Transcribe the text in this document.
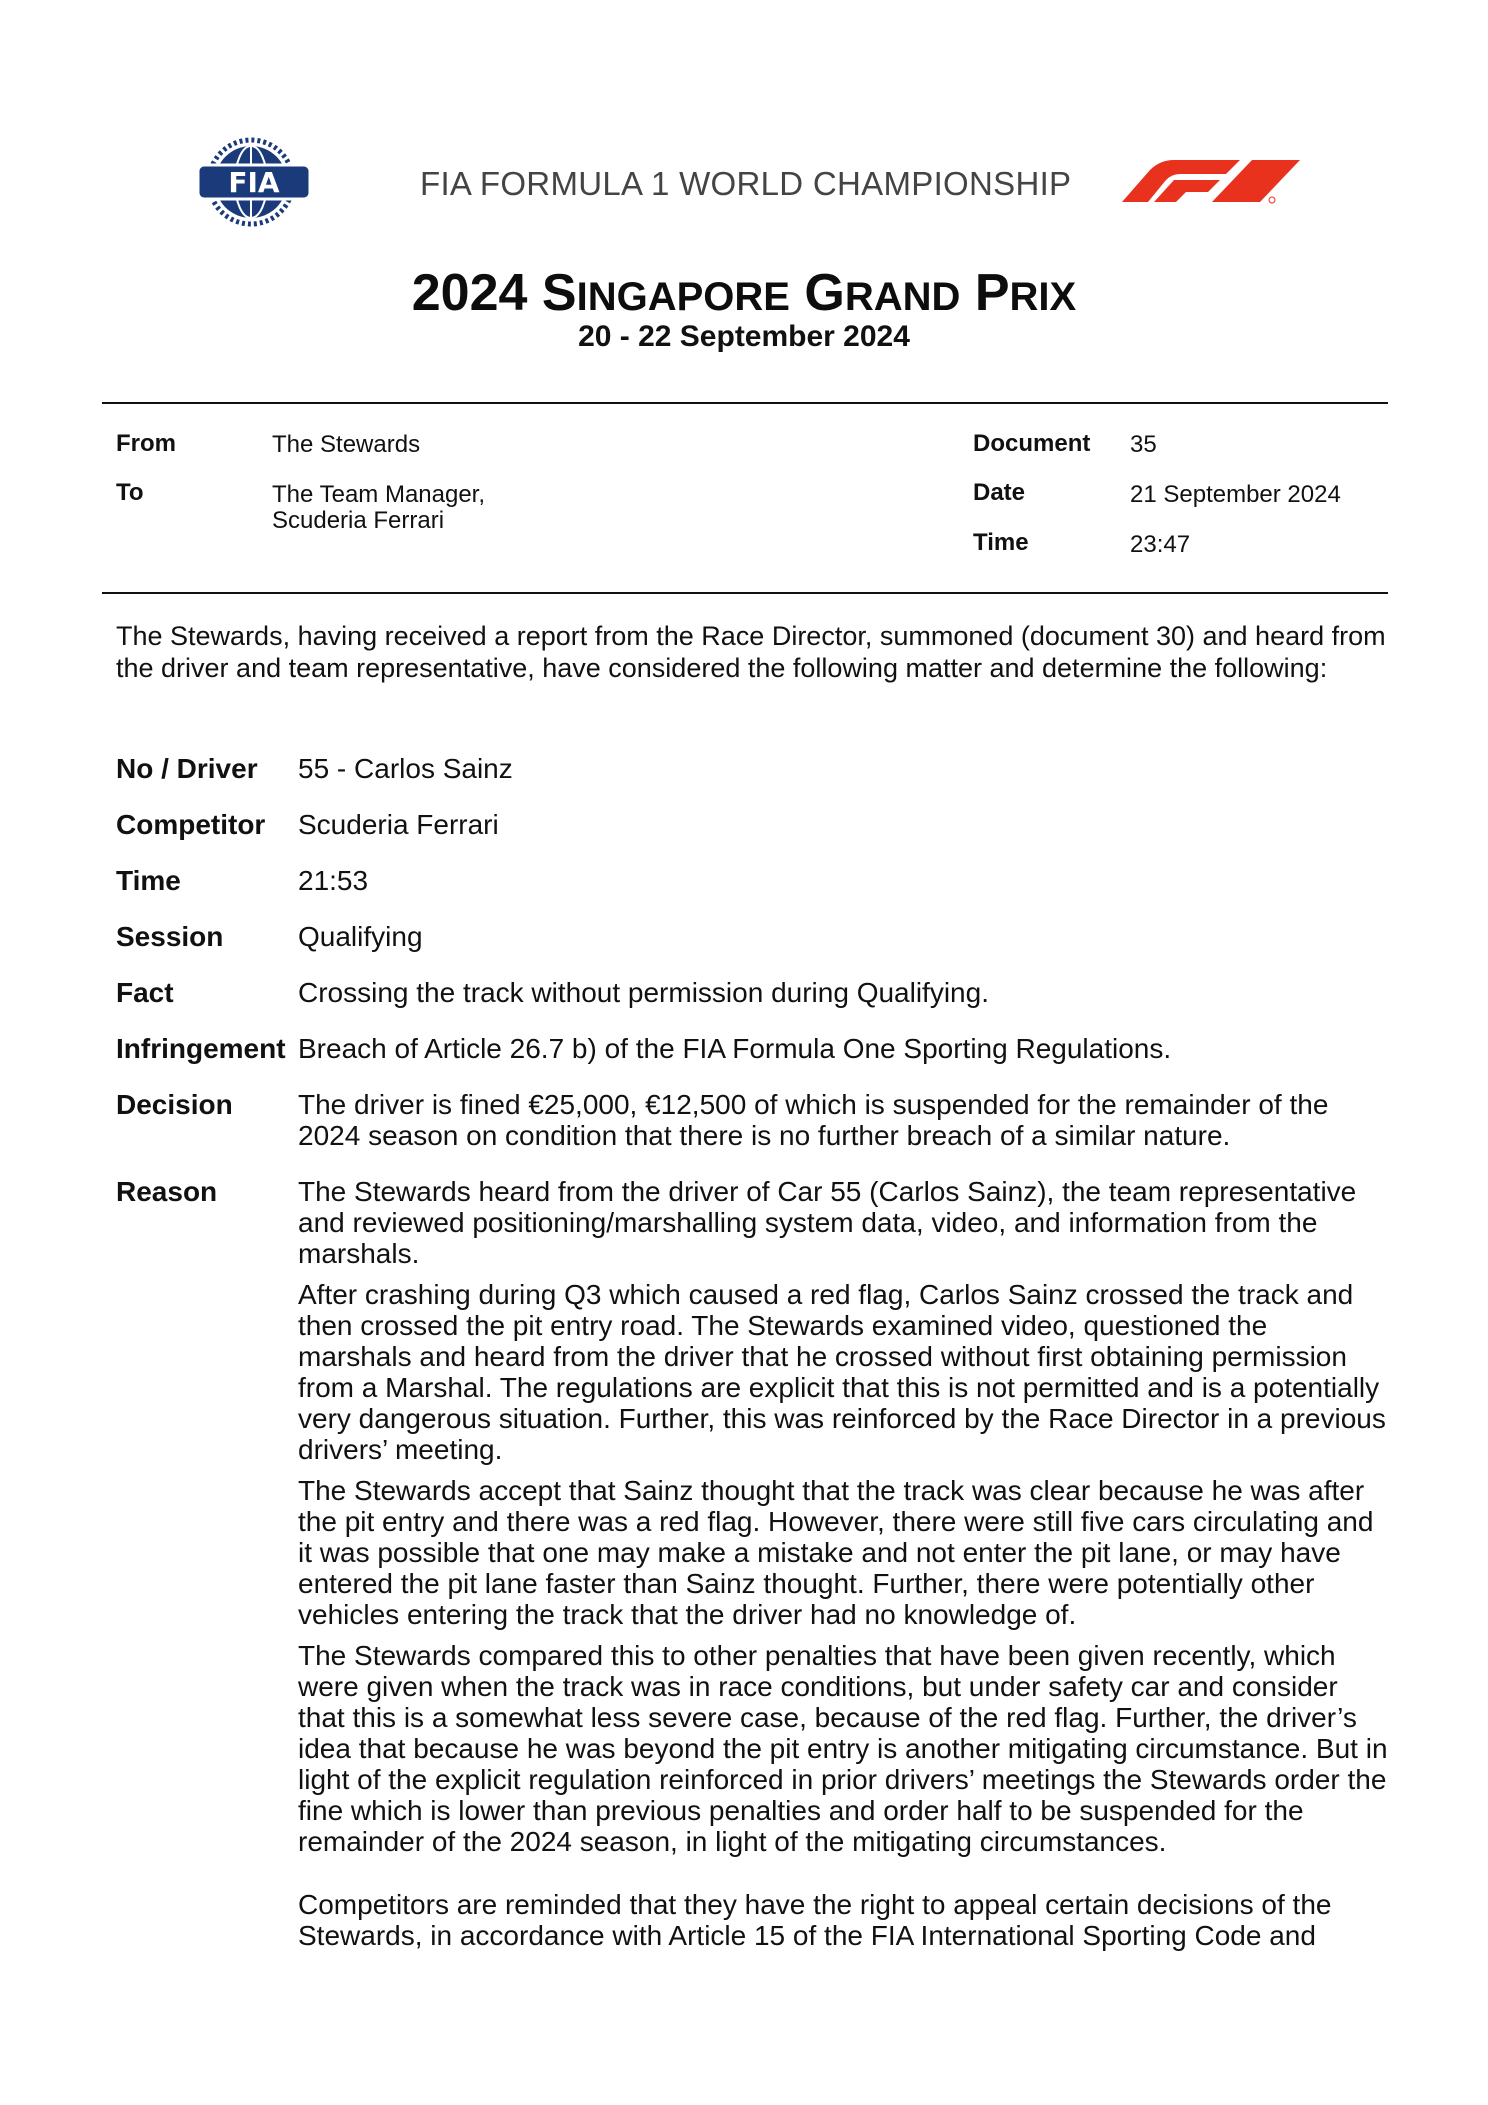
FIA	FIA FORMULA 1 WORLD CHAMPIONSHIP
2024 SINGAPORE GRAND PRIX
20 - 22 September 2024
From	The Stewards
To	The Team Manager,
Scuderia Ferrari
Document 35
Date	21 September 2024
Time	23:47
The Stewards, having received a report from the Race Director, summoned (document 30) and heard from the driver and team representative, have considered the following matter and determine the following:
No / Driver 55 - Carlos Sainz
Competitor Scuderia Ferrari
Time	21:53
Session	Qualifying
Fact	Crossing the track without permission during Qualifying.
Infringement Breach of Article 26.7 b) of the FIA Formula One Sporting Regulations.
Decision The driver is fined €25,000, €12,500 of which is suspended for the remainder of the 2024 season on condition that there is no further breach of a similar nature.
Reason	The Stewards heard from the driver of Car 55 (Carlos Sainz), the team representative and reviewed positioning/marshalling system data, video, and information from the marshals.

After crashing during Q3 which caused a red flag, Carlos Sainz crossed the track and then crossed the pit entry road. The Stewards examined video, questioned the marshals and heard from the driver that he crossed without first obtaining permission from a Marshal. The regulations are explicit that this is not permitted and is a potentially very dangerous situation. Further, this was reinforced by the Race Director in a previous drivers’ meeting.

The Stewards accept that Sainz thought that the track was clear because he was after the pit entry and there was a red flag. However, there were still five cars circulating and it was possible that one may make a mistake and not enter the pit lane, or may have entered the pit lane faster than Sainz thought. Further, there were potentially other vehicles entering the track that the driver had no knowledge of.

The Stewards compared this to other penalties that have been given recently, which were given when the track was in race conditions, but under safety car and consider that this is a somewhat less severe case, because of the red flag. Further, the driver’s idea that because he was beyond the pit entry is another mitigating circumstance. But in light of the explicit regulation reinforced in prior drivers’ meetings the Stewards order the fine which is lower than previous penalties and order half to be suspended for the remainder of the 2024 season, in light of the mitigating circumstances.

Competitors are reminded that they have the right to appeal certain decisions of the Stewards, in accordance with Article 15 of the FIA International Sporting Code and
